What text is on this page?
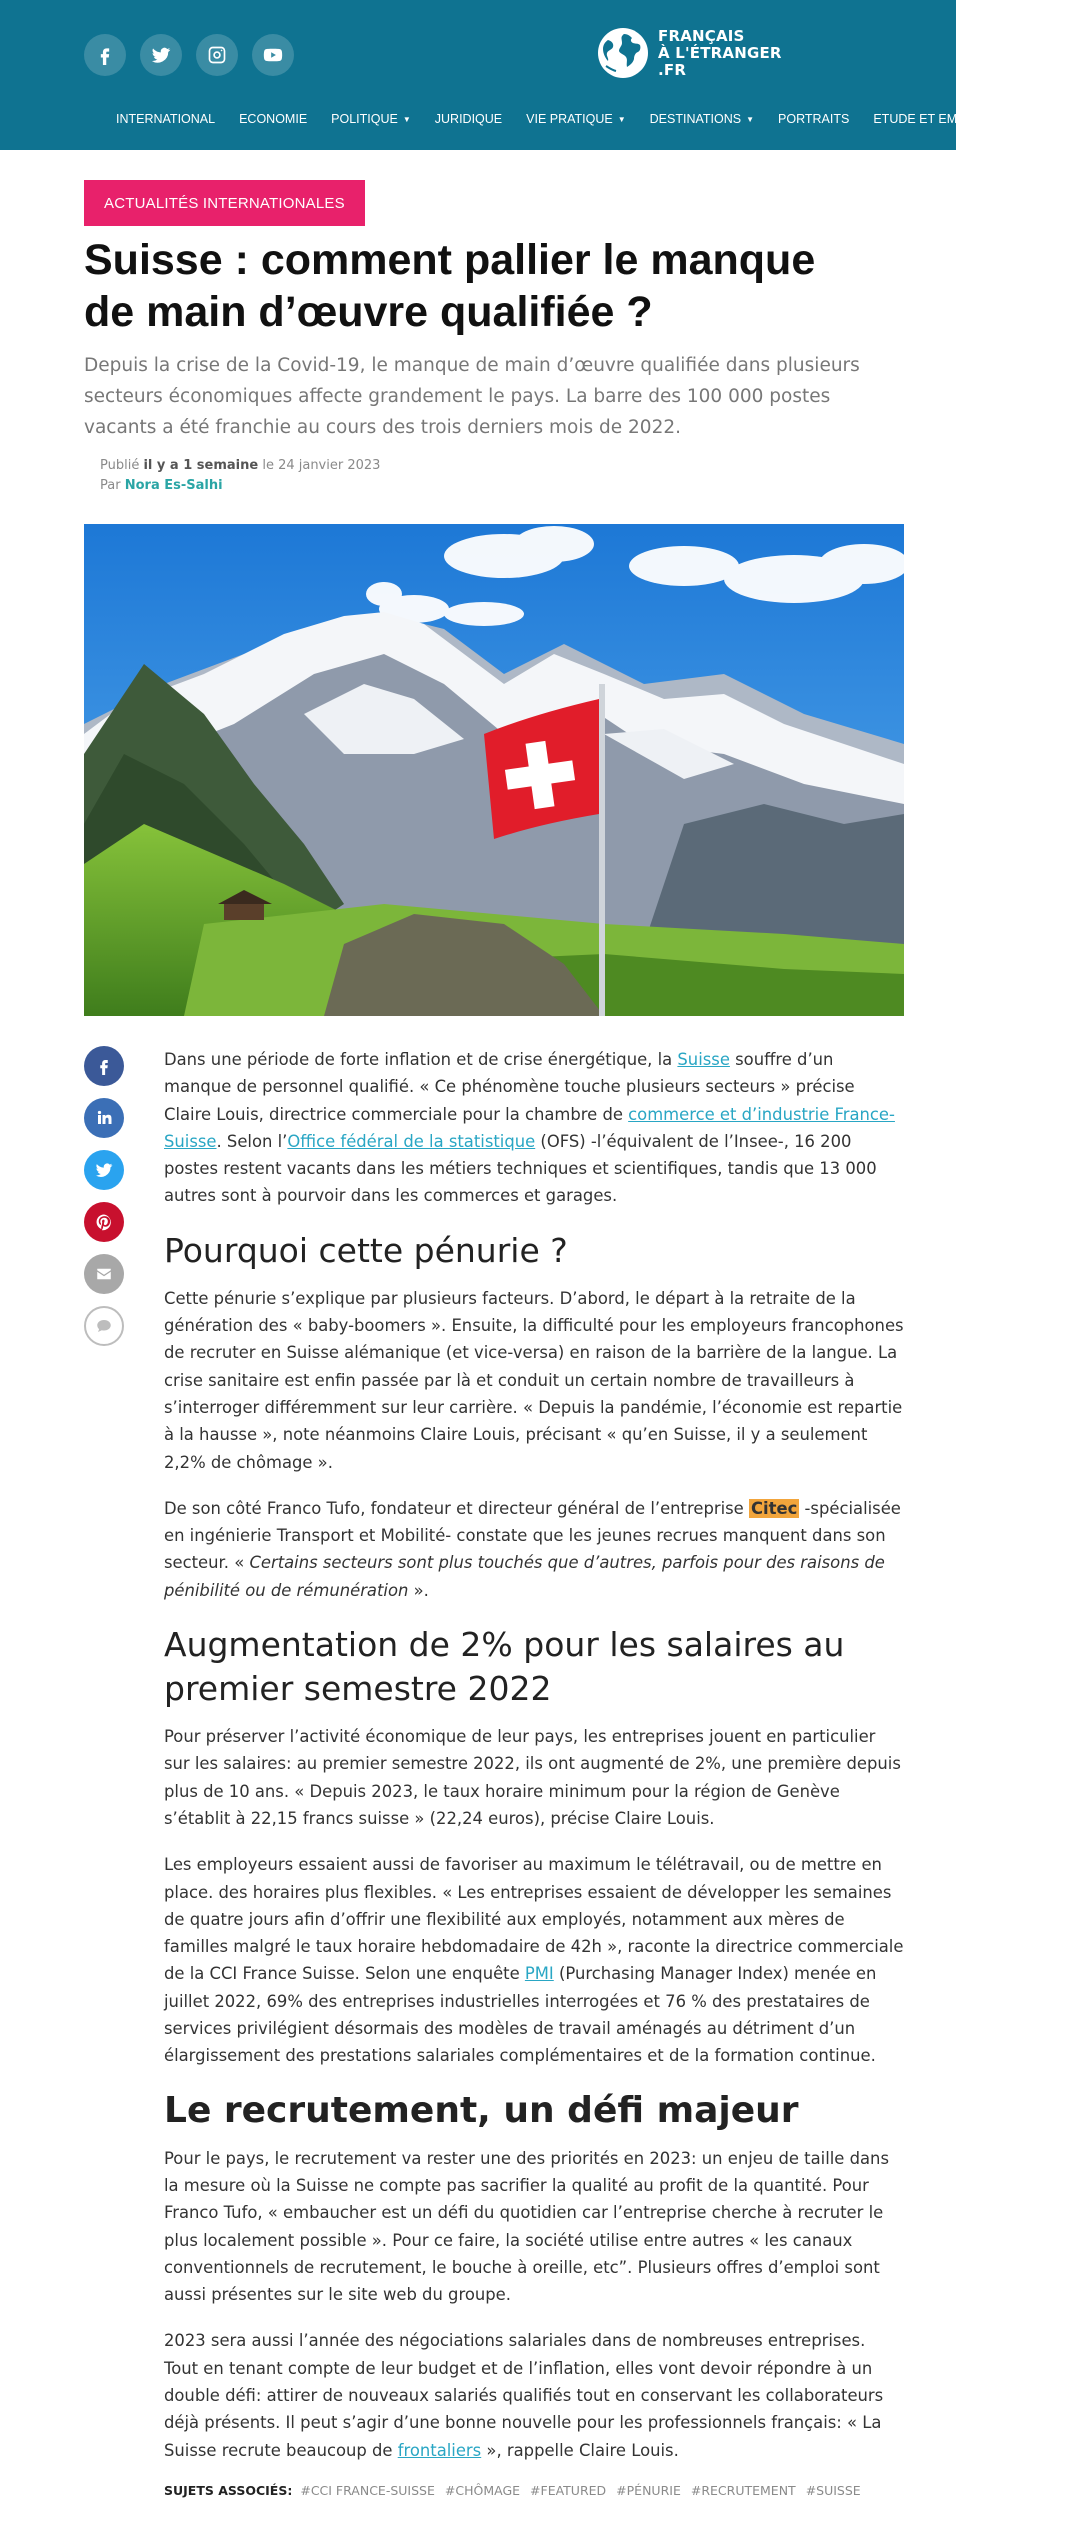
FRANÇAIS
À L'ÉTRANGER
.FR
INTERNATIONAL ECONOMIE POLITIQUE ▼ JURIDIQUE VIE PRATIQUE ▼ DESTINATIONS ▼ PORTRAITS ETUDE ET EMPLOI ▼ ÉVÉNE
ACTUALITÉS INTERNATIONALES
Suisse : comment pallier le manque de main d’œuvre qualifiée ?
Depuis la crise de la Covid-19, le manque de main d’œuvre qualifiée dans plusieurs secteurs économiques affecte grandement le pays. La barre des 100 000 postes vacants a été franchie au cours des trois derniers mois de 2022.
Publié il y a 1 semaine le 24 janvier 2023
Par Nora Es-Salhi

Dans une période de forte inflation et de crise énergétique, la Suisse souffre d’un manque de personnel qualifié. « Ce phénomène touche plusieurs secteurs » précise Claire Louis, directrice commerciale pour la chambre de commerce et d’industrie France-Suisse. Selon l’Office fédéral de la statistique (OFS) -l’équivalent de l’Insee-, 16 200 postes restent vacants dans les métiers techniques et scientifiques, tandis que 13 000 autres sont à pourvoir dans les commerces et garages.

Pourquoi cette pénurie ?

Cette pénurie s’explique par plusieurs facteurs. D’abord, le départ à la retraite de la génération des « baby-boomers ». Ensuite, la difficulté pour les employeurs francophones de recruter en Suisse alémanique (et vice-versa) en raison de la barrière de la langue. La crise sanitaire est enfin passée par là et conduit un certain nombre de travailleurs à s’interroger différemment sur leur carrière. « Depuis la pandémie, l’économie est repartie à la hausse », note néanmoins Claire Louis, précisant « qu’en Suisse, il y a seulement 2,2% de chômage ».

De son côté Franco Tufo, fondateur et directeur général de l’entreprise Citec -spécialisée en ingénierie Transport et Mobilité- constate que les jeunes recrues manquent dans son secteur. « Certains secteurs sont plus touchés que d’autres, parfois pour des raisons de pénibilité ou de rémunération ».

Augmentation de 2% pour les salaires au premier semestre 2022

Pour préserver l’activité économique de leur pays, les entreprises jouent en particulier sur les salaires: au premier semestre 2022, ils ont augmenté de 2%, une première depuis plus de 10 ans. « Depuis 2023, le taux horaire minimum pour la région de Genève s’établit à 22,15 francs suisse » (22,24 euros), précise Claire Louis.

Les employeurs essaient aussi de favoriser au maximum le télétravail, ou de mettre en place. des horaires plus flexibles. « Les entreprises essaient de développer les semaines de quatre jours afin d’offrir une flexibilité aux employés, notamment aux mères de familles malgré le taux horaire hebdomadaire de 42h », raconte la directrice commerciale de la CCI France Suisse. Selon une enquête PMI (Purchasing Manager Index) menée en juillet 2022, 69% des entreprises industrielles interrogées et 76 % des prestataires de services privilégient désormais des modèles de travail aménagés au détriment d’un élargissement des prestations salariales complémentaires et de la formation continue.

Le recrutement, un défi majeur

Pour le pays, le recrutement va rester une des priorités en 2023: un enjeu de taille dans la mesure où la Suisse ne compte pas sacrifier la qualité au profit de la quantité. Pour Franco Tufo, « embaucher est un défi du quotidien car l’entreprise cherche à recruter le plus localement possible ». Pour ce faire, la société utilise entre autres « les canaux conventionnels de recrutement, le bouche à oreille, etc”. Plusieurs offres d’emploi sont aussi présentes sur le site web du groupe.

2023 sera aussi l’année des négociations salariales dans de nombreuses entreprises. Tout en tenant compte de leur budget et de l’inflation, elles vont devoir répondre à un double défi: attirer de nouveaux salariés qualifiés tout en conservant les collaborateurs déjà présents. Il peut s’agir d’une bonne nouvelle pour les professionnels français: « La Suisse recrute beaucoup de frontaliers », rappelle Claire Louis.

SUJETS ASSOCIÉS: #CCI FRANCE-SUISSE #CHÔMAGE #FEATURED #PÉNURIE #RECRUTEMENT #SUISSE
